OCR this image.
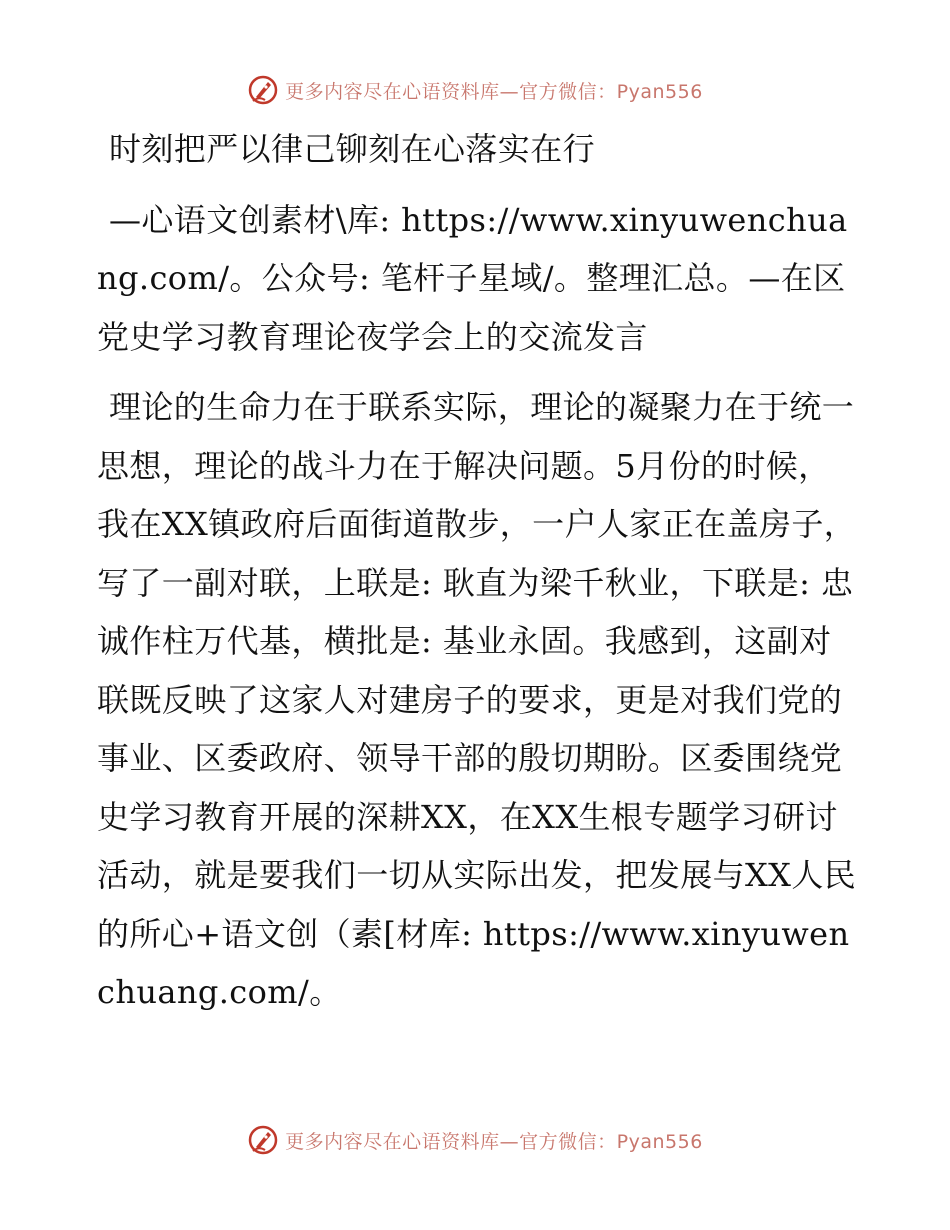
更多内容尽在心语资料库—官方微信：Pyan556

时刻把严以律己铆刻在心落实在行

—心语文创素材\库: https://www.xinyuwenchuang.com/。公众号: 笔杆子星域/。整理汇总。—在区党史学习教育理论夜学会上的交流发言

理论的生命力在于联系实际，理论的凝聚力在于统一思想，理论的战斗力在于解决问题。5月份的时候，我在XX镇政府后面街道散步，一户人家正在盖房子，写了一副对联，上联是: 耿直为梁千秋业，下联是: 忠诚作柱万代基，横批是: 基业永固。我感到，这副对联既反映了这家人对建房子的要求，更是对我们党的事业、区委政府、领导干部的殷切期盼。区委围绕党史学习教育开展的深耕XX，在XX生根专题学习研讨活动，就是要我们一切从实际出发，把发展与XX人民的所心+语文创（素[材库: https://www.xinyuwenchuang.com/。

更多内容尽在心语资料库—官方微信：Pyan556
